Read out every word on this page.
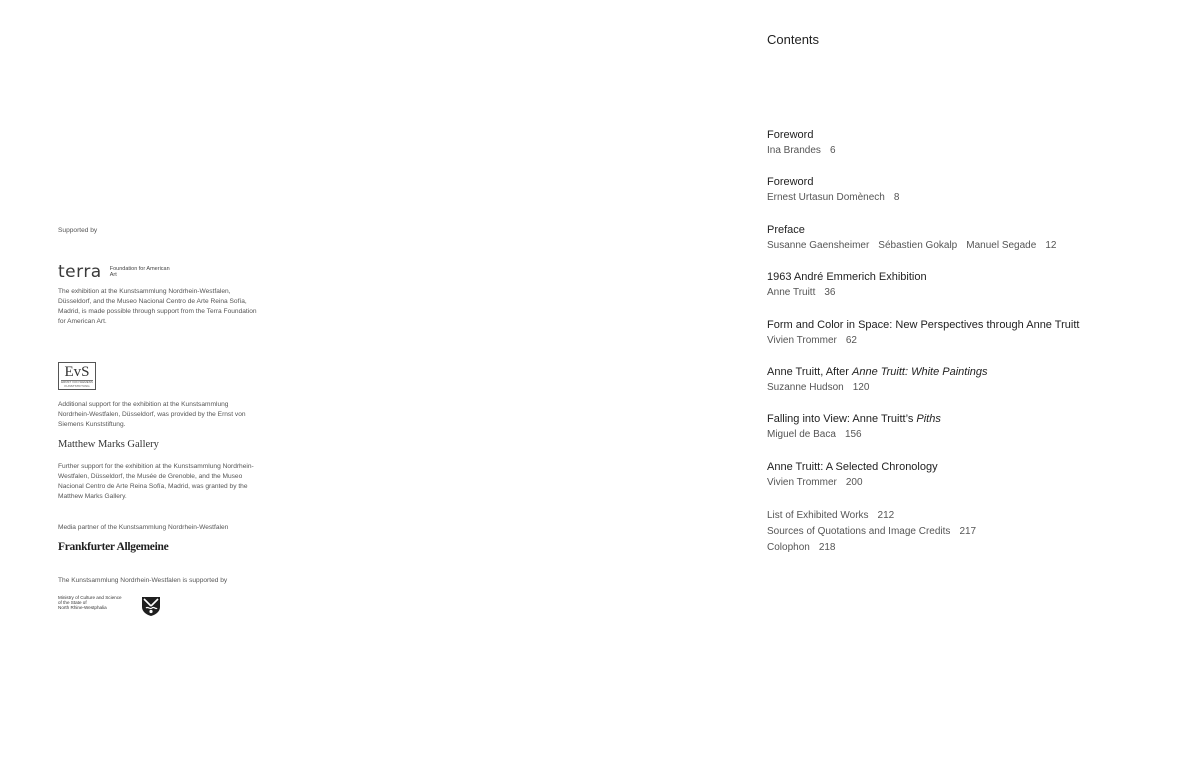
Supported by
terra Foundation for American Art
The exhibition at the Kunstsammlung Nordrhein-Westfalen, Düsseldorf, and the Museo Nacional Centro de Arte Reina Sofía, Madrid, is made possible through support from the Terra Foundation for American Art.
EvS
ERNST VON SIEMENS KUNSTSTIFTUNG
Additional support for the exhibition at the Kunstsammlung Nordrhein-Westfalen, Düsseldorf, was provided by the Ernst von Siemens Kunststiftung.
Matthew Marks Gallery
Further support for the exhibition at the Kunstsammlung Nordrhein-Westfalen, Düsseldorf, the Musée de Grenoble, and the Museo Nacional Centro de Arte Reina Sofía, Madrid, was granted by the Matthew Marks Gallery.
Media partner of the Kunstsammlung Nordrhein-Westfalen
Frankfurter Allgemeine
The Kunstsammlung Nordrhein-Westfalen is supported by
Ministry of Culture and Science
of the State of
North Rhine-Westphalia
Contents
Foreword
Ina Brandes 6
Foreword
Ernest Urtasun Domènech 8
Preface
Susanne Gaensheimer Sébastien Gokalp Manuel Segade 12
1963 André Emmerich Exhibition
Anne Truitt 36
Form and Color in Space: New Perspectives through Anne Truitt
Vivien Trommer 62
Anne Truitt, After Anne Truitt: White Paintings
Suzanne Hudson 120
Falling into View: Anne Truitt’s Piths
Miguel de Baca 156
Anne Truitt: A Selected Chronology
Vivien Trommer 200
List of Exhibited Works 212
Sources of Quotations and Image Credits 217
Colophon 218
